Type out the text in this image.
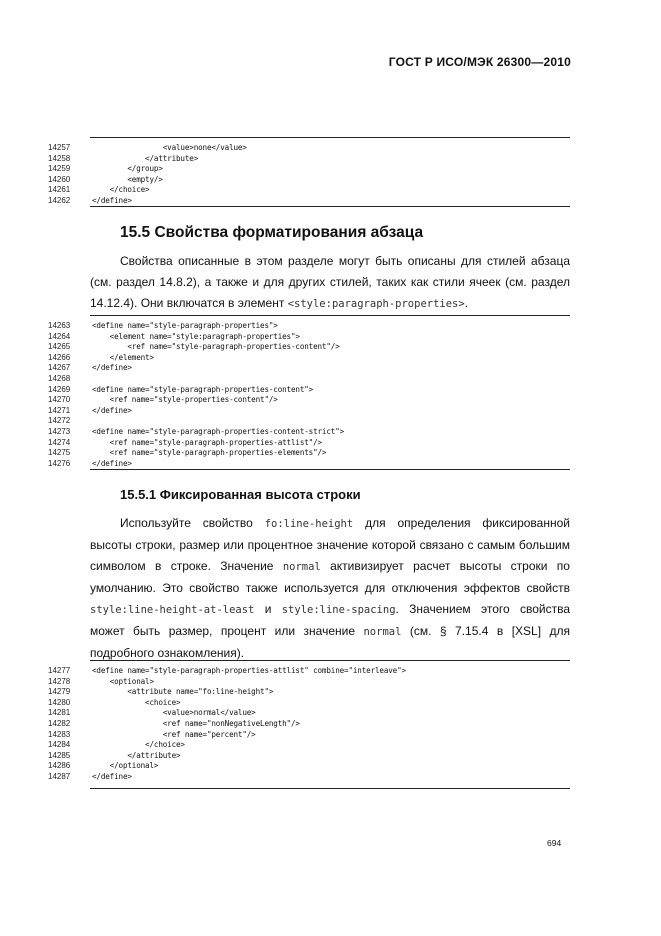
ГОСТ Р ИСО/МЭК 26300—2010
14257	<value>none</value>
14258	</attribute>
14259	</group>
14260	<empty/>
14261	</choice>
14262	</define>
15.5 Свойства форматирования абзаца
Свойства описанные в этом разделе могут быть описаны для стилей абзаца (см. раздел 14.8.2), а также и для других стилей, таких как стили ячеек (см. раздел 14.12.4). Они включатся в элемент <style:paragraph-properties>.
14263	<define name="style-paragraph-properties">
14264	<element name="style:paragraph-properties">
14265	<ref name="style-paragraph-properties-content"/>
14266	</element>
14267	</define>
14268
14269	<define name="style-paragraph-properties-content">
14270	<ref name="style-properties-content"/>
14271	</define>
14272
14273	<define name="style-paragraph-properties-content-strict">
14274	<ref name="style-paragraph-properties-attlist"/>
14275	<ref name="style-paragraph-properties-elements"/>
14276	</define>
15.5.1 Фиксированная высота строки
Используйте свойство fo:line-height для определения фиксированной высоты строки, размер или процентное значение которой связано с самым большим символом в строке. Значение normal активизирует расчет высоты строки по умолчанию. Это свойство также используется для отключения эффектов свойств style:line-height-at-least и style:line-spacing. Значением этого свойства может быть размер, процент или значение normal (см. § 7.15.4 в [XSL] для подробного ознакомления).
14277	<define name="style-paragraph-properties-attlist" combine="interleave">
14278	<optional>
14279	<attribute name="fo:line-height">
14280	<choice>
14281	<value>normal</value>
14282	<ref name="nonNegativeLength"/>
14283	<ref name="percent"/>
14284	</choice>
14285	</attribute>
14286	</optional>
14287	</define>
694
